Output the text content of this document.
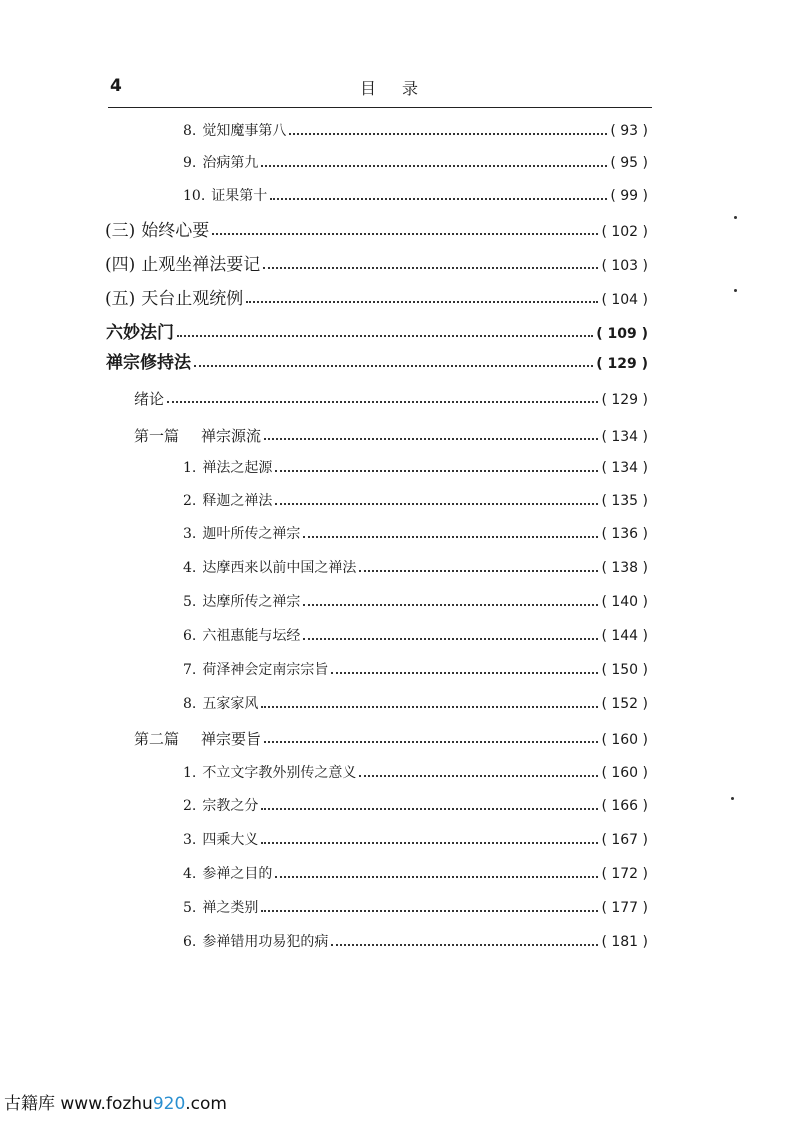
4	目录
8. 觉知魔事第八	( 93 )
9. 治病第九	( 95 )
10. 证果第十	( 99 )
(三) 始终心要	( 102 )
(四) 止观坐禅法要记	( 103 )
(五) 天台止观统例	( 104 )
六妙法门	( 109 )
禅宗修持法	( 129 )
绪论	( 129 )
第一篇 禅宗源流	( 134 )
1. 禅法之起源	( 134 )
2. 释迦之禅法	( 135 )
3. 迦叶所传之禅宗	( 136 )
4. 达摩西来以前中国之禅法	( 138 )
5. 达摩所传之禅宗	( 140 )
6. 六祖惠能与坛经	( 144 )
7. 荷泽神会定南宗宗旨	( 150 )
8. 五家家风	( 152 )
第二篇 禅宗要旨	( 160 )
1. 不立文字教外别传之意义	( 160 )
2. 宗教之分	( 166 )
3. 四乘大义	( 167 )
4. 参禅之目的	( 172 )
5. 禅之类别	( 177 )
6. 参禅错用功易犯的病	( 181 )
古籍库 www.fozhu920.com
